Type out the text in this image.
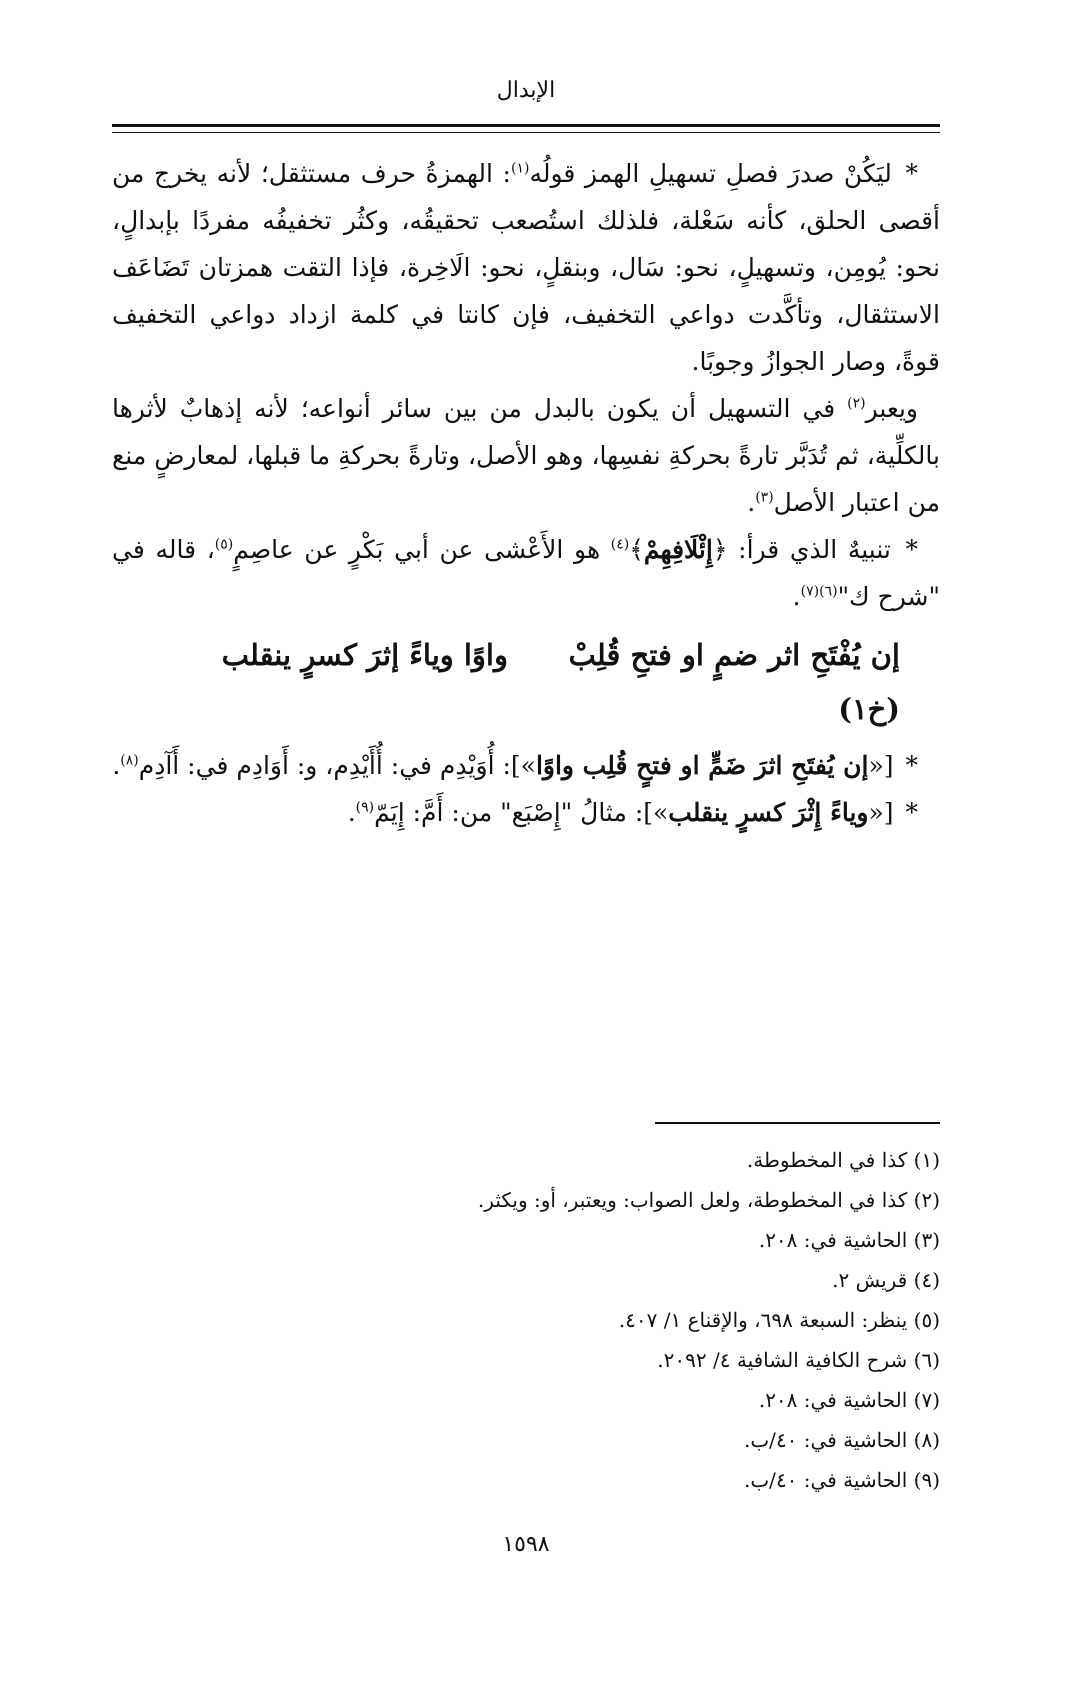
الإبدال

* ليَكُنْ صدرَ فصلِ تسهيلِ الهمز قولُه$^{(١)}$: الهمزةُ حرف مستثقل؛ لأنه يخرج من أقصى الحلق، كأنه سَعْلة، فلذلك استُصعب تحقيقُه، وكثُر تخفيفُه مفردًا بإبدالٍ، نحو: يُومِن، وتسهيلٍ، نحو: سَال، وبنقلٍ، نحو: الَاخِرة، فإذا التقت همزتان تَضَاعَف الاستثقال، وتأكَّدت دواعي التخفيف، فإن كانتا في كلمة ازداد دواعي التخفيف قوةً، وصار الجوازُ وجوبًا.

ويعبر$^{(٢)}$ في التسهيل أن يكون بالبدل من بين سائر أنواعه؛ لأنه إذهابٌ لأثرها بالكلِّية، ثم تُدَبَّر تارةً بحركةِ نفسِها، وهو الأصل، وتارةً بحركةِ ما قبلها، لمعارضٍ منع من اعتبار الأصل$^{(٣)}$.

* تنبيهٌ الذي قرأ: ﴿إِئْلَافِهِمْ﴾$^{(٤)}$ هو الأَعْشى عن أبي بَكْرٍ عن عاصِمٍ$^{(٥)}$، قاله في "شرح ك"$^{(٦)(٧)}$.

إن يُفْتَحِ اثر ضمٍ او فتحِ قُلِبْواوًا وياءً إثرَ كسرٍ ينقلب
(خ١)

* [«إن يُفتَحِ اثرَ ضَمٍّ او فتحٍ قُلِب واوًا»]: أُوَيْدِم في: أُأَيْدِم، و: أَوَادِم في: أَآدِم$^{(٨)}$.

* [«وياءً إِثْرَ كسرٍ ينقلب»]: مثالُ "إِصْبَع" من: أَمَّ: إِيَمّ$^{(٩)}$.

(١) كذا في المخطوطة.

(٢) كذا في المخطوطة، ولعل الصواب: ويعتبر، أو: ويكثر.

(٣) الحاشية في: ٢٠٨.

(٤) قريش ٢.

(٥) ينظر: السبعة ٦٩٨، والإقناع ١/ ٤٠٧.

(٦) شرح الكافية الشافية ٤/ ٢٠٩٢.

(٧) الحاشية في: ٢٠٨.

(٨) الحاشية في: ٤٠/ب.

(٩) الحاشية في: ٤٠/ب.

١٥٩٨
